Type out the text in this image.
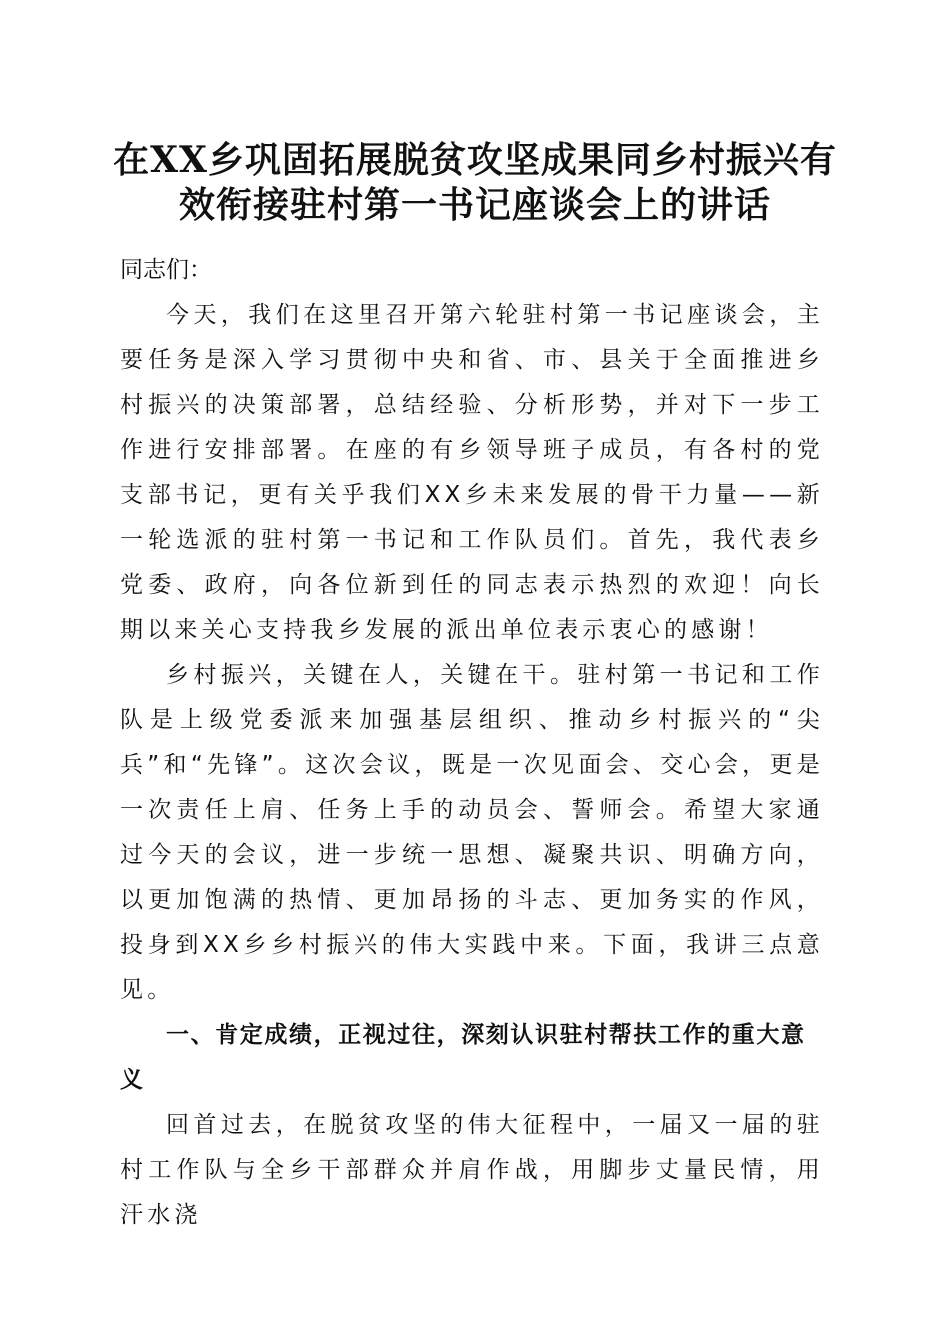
在XX乡巩固拓展脱贫攻坚成果同乡村振兴有
效衔接驻村第一书记座谈会上的讲话

同志们：

今天，我们在这里召开第六轮驻村第一书记座谈会，主要任务是深入学习贯彻中央和省、市、县关于全面推进乡村振兴的决策部署，总结经验、分析形势，并对下一步工作进行安排部署。在座的有乡领导班子成员，有各村的党支部书记，更有关乎我们XX乡未来发展的骨干力量——新一轮选派的驻村第一书记和工作队员们。首先，我代表乡党委、政府，向各位新到任的同志表示热烈的欢迎！向长期以来关心支持我乡发展的派出单位表示衷心的感谢！

乡村振兴，关键在人，关键在干。驻村第一书记和工作队是上级党委派来加强基层组织、推动乡村振兴的“尖兵”和“先锋”。这次会议，既是一次见面会、交心会，更是一次责任上肩、任务上手的动员会、誓师会。希望大家通过今天的会议，进一步统一思想、凝聚共识、明确方向，以更加饱满的热情、更加昂扬的斗志、更加务实的作风，投身到XX乡乡村振兴的伟大实践中来。下面，我讲三点意见。

一、肯定成绩，正视过往，深刻认识驻村帮扶工作的重大意义

回首过去，在脱贫攻坚的伟大征程中，一届又一届的驻村工作队与全乡干部群众并肩作战，用脚步丈量民情，用汗水浇
